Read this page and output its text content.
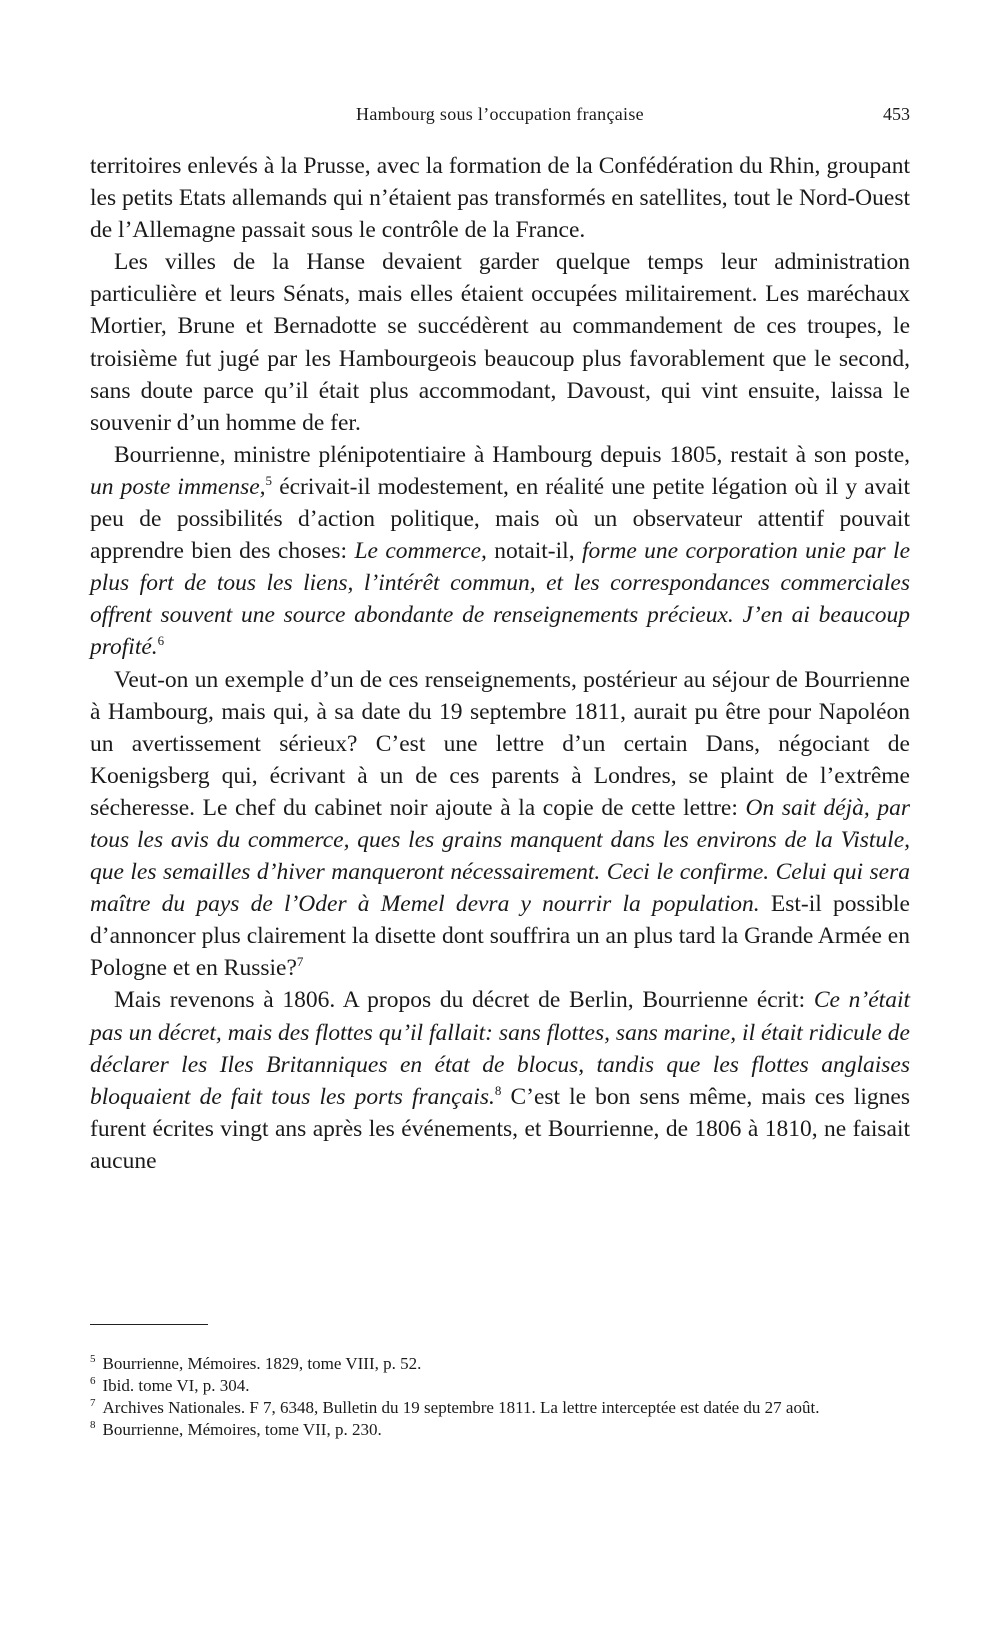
Hambourg sous l’occupation française	453

territoires enlevés à la Prusse, avec la formation de la Confédération du Rhin, groupant les petits Etats allemands qui n’étaient pas transformés en satellites, tout le Nord-Ouest de l’Allemagne passait sous le contrôle de la France.

Les villes de la Hanse devaient garder quelque temps leur administration particulière et leurs Sénats, mais elles étaient occupées militairement. Les maréchaux Mortier, Brune et Bernadotte se succédèrent au commandement de ces troupes, le troisième fut jugé par les Hambourgeois beaucoup plus favorablement que le second, sans doute parce qu’il était plus accommodant, Davoust, qui vint ensuite, laissa le souvenir d’un homme de fer.

Bourrienne, ministre plénipotentiaire à Hambourg depuis 1805, restait à son poste, un poste immense,$^5$ écrivait-il modestement, en réalité une petite légation où il y avait peu de possibilités d’action politique, mais où un observateur attentif pouvait apprendre bien des choses: Le commerce, notait-il, forme une corporation unie par le plus fort de tous les liens, l’intérêt commun, et les correspondances commerciales offrent souvent une source abondante de renseignements précieux. J’en ai beaucoup profité.$^6$

Veut-on un exemple d’un de ces renseignements, postérieur au séjour de Bourrienne à Hambourg, mais qui, à sa date du 19 septembre 1811, aurait pu être pour Napoléon un avertissement sérieux? C’est une lettre d’un certain Dans, négociant de Koenigsberg qui, écrivant à un de ces parents à Londres, se plaint de l’extrême sécheresse. Le chef du cabinet noir ajoute à la copie de cette lettre: On sait déjà, par tous les avis du commerce, ques les grains manquent dans les environs de la Vistule, que les semailles d’hiver manqueront nécessairement. Ceci le confirme. Celui qui sera maître du pays de l’Oder à Memel devra y nourrir la population. Est-il possible d’annoncer plus clairement la disette dont souffrira un an plus tard la Grande Armée en Pologne et en Russie?$^7$

Mais revenons à 1806. A propos du décret de Berlin, Bourrienne écrit: Ce n’était pas un décret, mais des flottes qu’il fallait: sans flottes, sans marine, il était ridicule de déclarer les Iles Britanniques en état de blocus, tandis que les flottes anglaises bloquaient de fait tous les ports français.$^8$ C’est le bon sens même, mais ces lignes furent écrites vingt ans après les événements, et Bourrienne, de 1806 à 1810, ne faisait aucune

$^5$ Bourrienne, Mémoires. 1829, tome VIII, p. 52.

$^6$ Ibid. tome VI, p. 304.

$^7$ Archives Nationales. F 7, 6348, Bulletin du 19 septembre 1811. La lettre interceptée est datée du 27 août.

$^8$ Bourrienne, Mémoires, tome VII, p. 230.
